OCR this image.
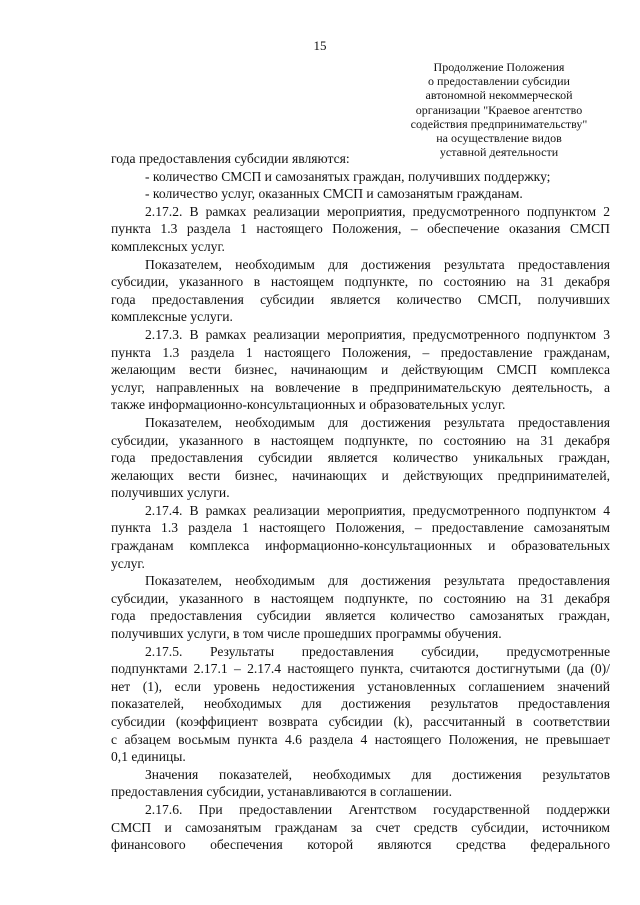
15
Продолжение Положения
о предоставлении субсидии
автономной некоммерческой
организации "Краевое агентство
содействия предпринимательству"
на осуществление видов
уставной деятельности
года предоставления субсидии являются:
- количество СМСП и самозанятых граждан, получивших поддержку;
- количество услуг, оказанных СМСП и самозанятым гражданам.
2.17.2. В рамках реализации мероприятия, предусмотренного подпунктом 2
пункта 1.3 раздела 1 настоящего Положения, – обеспечение оказания СМСП
комплексных услуг.
Показателем, необходимым для достижения результата предоставления
субсидии, указанного в настоящем подпункте, по состоянию на 31 декабря
года предоставления субсидии является количество СМСП, получивших
комплексные услуги.
2.17.3. В рамках реализации мероприятия, предусмотренного подпунктом 3
пункта 1.3 раздела 1 настоящего Положения, – предоставление гражданам,
желающим вести бизнес, начинающим и действующим СМСП комплекса
услуг, направленных на вовлечение в предпринимательскую деятельность, а
также информационно-консультационных и образовательных услуг.
Показателем, необходимым для достижения результата предоставления
субсидии, указанного в настоящем подпункте, по состоянию на 31 декабря
года предоставления субсидии является количество уникальных граждан,
желающих вести бизнес, начинающих и действующих предпринимателей,
получивших услуги.
2.17.4. В рамках реализации мероприятия, предусмотренного подпунктом 4
пункта 1.3 раздела 1 настоящего Положения, – предоставление самозанятым
гражданам комплекса информационно-консультационных и образовательных
услуг.
Показателем, необходимым для достижения результата предоставления
субсидии, указанного в настоящем подпункте, по состоянию на 31 декабря
года предоставления субсидии является количество самозанятых граждан,
получивших услуги, в том числе прошедших программы обучения.
2.17.5. Результаты предоставления субсидии, предусмотренные
подпунктами 2.17.1 – 2.17.4 настоящего пункта, считаются достигнутыми (да (0)/
нет (1), если уровень недостижения установленных соглашением значений
показателей, необходимых для достижения результатов предоставления
субсидии (коэффициент возврата субсидии (k), рассчитанный в соответствии
с абзацем восьмым пункта 4.6 раздела 4 настоящего Положения, не превышает
0,1 единицы.
Значения показателей, необходимых для достижения результатов
предоставления субсидии, устанавливаются в соглашении.
2.17.6. При предоставлении Агентством государственной поддержки
СМСП и самозанятым гражданам за счет средств субсидии, источником
финансового обеспечения которой являются средства федерального
